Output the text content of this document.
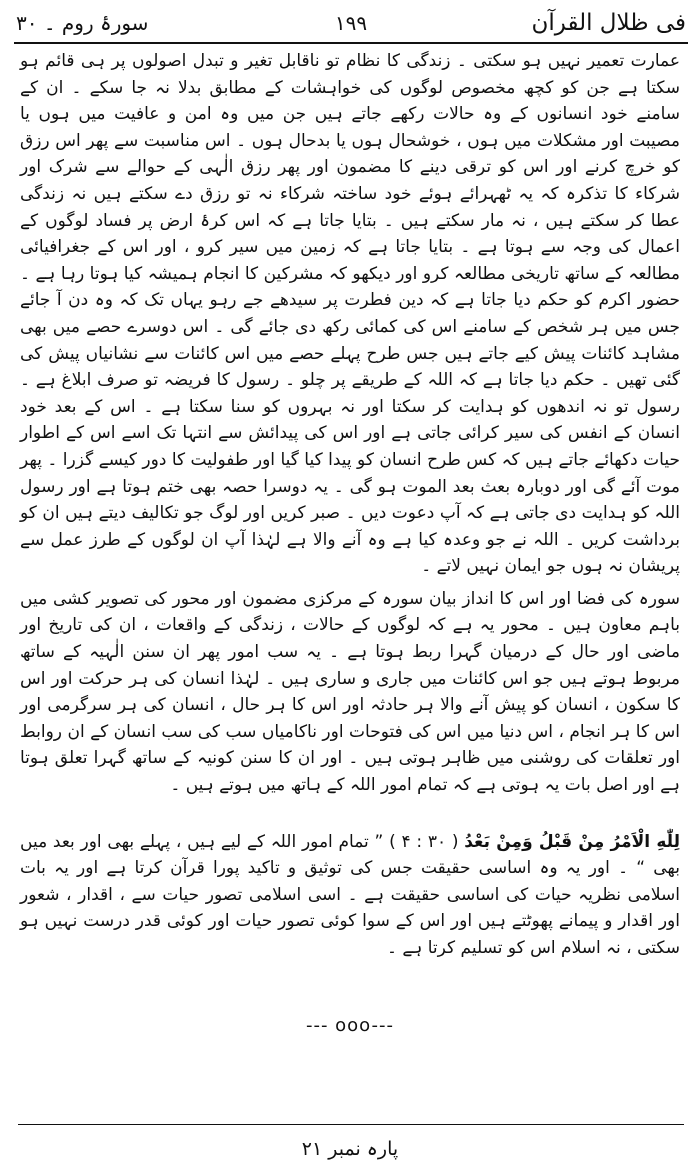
سورۂ روم ۔ ۳۰	۱۹۹	فی ظلال القرآن

عمارت تعمیر نہیں ہو سکتی ۔ زندگی کا نظام تو ناقابل تغیر و تبدل اصولوں پر ہی قائم ہو سکتا ہے جن کو کچھ مخصوص لوگوں کی خواہشات کے مطابق بدلا نہ جا سکے ۔ ان کے سامنے خود انسانوں کے وہ حالات رکھے جاتے ہیں جن میں وہ امن و عافیت میں ہوں یا مصیبت اور مشکلات میں ہوں ، خوشحال ہوں یا بدحال ہوں ۔ اس مناسبت سے پھر اس رزق کو خرچ کرنے اور اس کو ترقی دینے کا مضمون اور پھر رزق الٰہی کے حوالے سے شرک اور شرکاء کا تذکرہ کہ یہ ٹھہرائے ہوئے خود ساختہ شرکاء نہ تو رزق دے سکتے ہیں نہ زندگی عطا کر سکتے ہیں ، نہ مار سکتے ہیں ۔ بتایا جاتا ہے کہ اس کرۂ ارض پر فساد لوگوں کے اعمال کی وجہ سے ہوتا ہے ۔ بتایا جاتا ہے کہ زمین میں سیر کرو ، اور اس کے جغرافیائی مطالعہ کے ساتھ تاریخی مطالعہ کرو اور دیکھو کہ مشرکین کا انجام ہمیشہ کیا ہوتا رہا ہے ۔ حضور اکرم کو حکم دیا جاتا ہے کہ دین فطرت پر سیدھے جے رہو یہاں تک کہ وہ دن آ جائے جس میں ہر شخص کے سامنے اس کی کمائی رکھ دی جائے گی ۔ اس دوسرے حصے میں بھی مشاہد کائنات پیش کیے جاتے ہیں جس طرح پہلے حصے میں اس کائنات سے نشانیاں پیش کی گئی تھیں ۔ حکم دیا جاتا ہے کہ اللہ کے طریقے پر چلو ۔ رسول کا فریضہ تو صرف ابلاغ ہے ۔ رسول تو نہ اندھوں کو ہدایت کر سکتا اور نہ بہروں کو سنا سکتا ہے ۔ اس کے بعد خود انسان کے انفس کی سیر کرائی جاتی ہے اور اس کی پیدائش سے انتہا تک اسے اس کے اطوار حیات دکھائے جاتے ہیں کہ کس طرح انسان کو پیدا کیا گیا اور طفولیت کا دور کیسے گزرا ۔ پھر موت آئے گی اور دوبارہ بعث بعد الموت ہو گی ۔ یہ دوسرا حصہ بھی ختم ہوتا ہے اور رسول اللہ کو ہدایت دی جاتی ہے کہ آپ دعوت دیں ۔ صبر کریں اور لوگ جو تکالیف دیتے ہیں ان کو برداشت کریں ۔ اللہ نے جو وعدہ کیا ہے وہ آنے والا ہے لہٰذا آپ ان لوگوں کے طرز عمل سے پریشان نہ ہوں جو ایمان نہیں لاتے ۔

سورہ کی فضا اور اس کا انداز بیان سورہ کے مرکزی مضمون اور محور کی تصویر کشی میں باہم معاون ہیں ۔ محور یہ ہے کہ لوگوں کے حالات ، زندگی کے واقعات ، ان کی تاریخ اور ماضی اور حال کے درمیان گہرا ربط ہوتا ہے ۔ یہ سب امور پھر ان سنن الٰہیہ کے ساتھ مربوط ہوتے ہیں جو اس کائنات میں جاری و ساری ہیں ۔ لہٰذا انسان کی ہر حرکت اور اس کا سکون ، انسان کو پیش آنے والا ہر حادثہ اور اس کا ہر حال ، انسان کی ہر سرگرمی اور اس کا ہر انجام ، اس دنیا میں اس کی فتوحات اور ناکامیاں سب کی سب انسان کے ان روابط اور تعلقات کی روشنی میں ظاہر ہوتی ہیں ۔ اور ان کا سنن کونیہ کے ساتھ گہرا تعلق ہوتا ہے اور اصل بات یہ ہوتی ہے کہ تمام امور اللہ کے ہاتھ میں ہوتے ہیں ۔

لِلّٰهِ الْاَمْرُ مِنْ قَبْلُ وَمِنْ بَعْدُ ( ۳۰ : ۴ ) ” تمام امور اللہ کے لیے ہیں ، پہلے بھی اور بعد میں بھی “ ۔ اور یہ وہ اساسی حقیقت جس کی توثیق و تاکید پورا قرآن کرتا ہے اور یہ بات اسلامی نظریہ حیات کی اساسی حقیقت ہے ۔ اسی اسلامی تصور حیات سے ، اقدار ، شعور اور اقدار و پیمانے پھوٹتے ہیں اور اس کے سوا کوئی تصور حیات اور کوئی قدر درست نہیں ہو سکتی ، نہ اسلام اس کو تسلیم کرتا ہے ۔

--- ooo---
پارہ نمبر ۲۱
